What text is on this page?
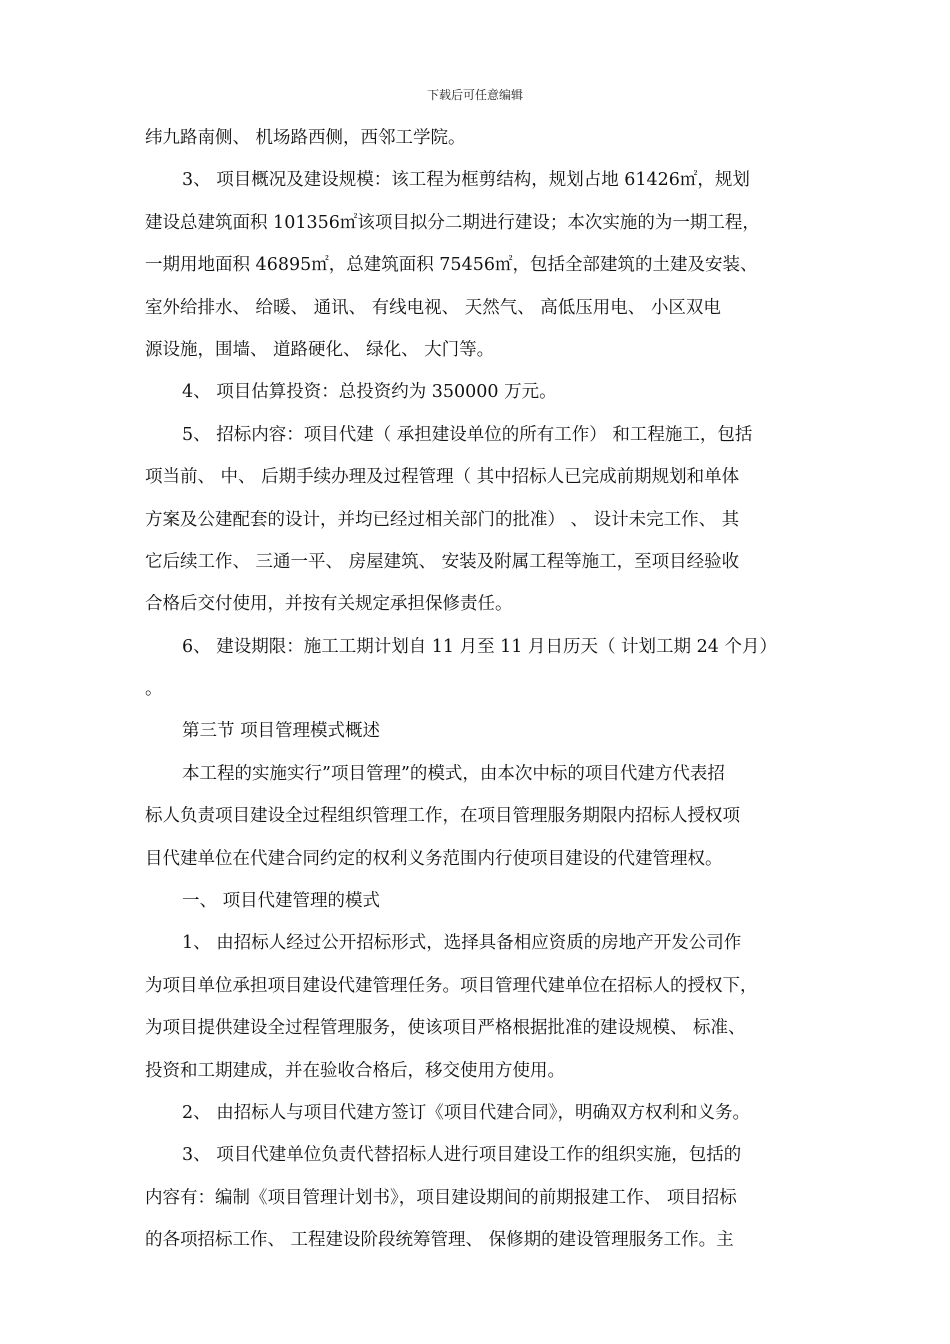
下载后可任意编辑
纬九路南侧、 机场路西侧，西邻工学院。
3、 项目概况及建设规模：该工程为框剪结构，规划占地 61426㎡，规划
建设总建筑面积 101356㎡该项目拟分二期进行建设；本次实施的为一期工程，
一期用地面积 46895㎡，总建筑面积 75456㎡，包括全部建筑的土建及安装、
室外给排水、 给暖、 通讯、 有线电视、 天然气、 高低压用电、 小区双电
源设施，围墙、 道路硬化、 绿化、 大门等。
4、 项目估算投资：总投资约为 350000 万元。
5、 招标内容：项目代建（ 承担建设单位的所有工作） 和工程施工，包括
项当前、 中、 后期手续办理及过程管理（ 其中招标人已完成前期规划和单体
方案及公建配套的设计，并均已经过相关部门的批准） 、 设计未完工作、 其
它后续工作、 三通一平、 房屋建筑、 安装及附属工程等施工，至项目经验收
合格后交付使用，并按有关规定承担保修责任。
6、 建设期限：施工工期计划自 11 月至 11 月日历天（ 计划工期 24 个月）
。
第三节 项目管理模式概述
本工程的实施实行”项目管理”的模式，由本次中标的项目代建方代表招
标人负责项目建设全过程组织管理工作，在项目管理服务期限内招标人授权项
目代建单位在代建合同约定的权利义务范围内行使项目建设的代建管理权。
一、 项目代建管理的模式
1、 由招标人经过公开招标形式，选择具备相应资质的房地产开发公司作
为项目单位承担项目建设代建管理任务。项目管理代建单位在招标人的授权下，
为项目提供建设全过程管理服务，使该项目严格根据批准的建设规模、 标准、
投资和工期建成，并在验收合格后，移交使用方使用。
2、 由招标人与项目代建方签订《项目代建合同》，明确双方权利和义务。
3、 项目代建单位负责代替招标人进行项目建设工作的组织实施，包括的
内容有：编制《项目管理计划书》，项目建设期间的前期报建工作、 项目招标
的各项招标工作、 工程建设阶段统筹管理、 保修期的建设管理服务工作。主
